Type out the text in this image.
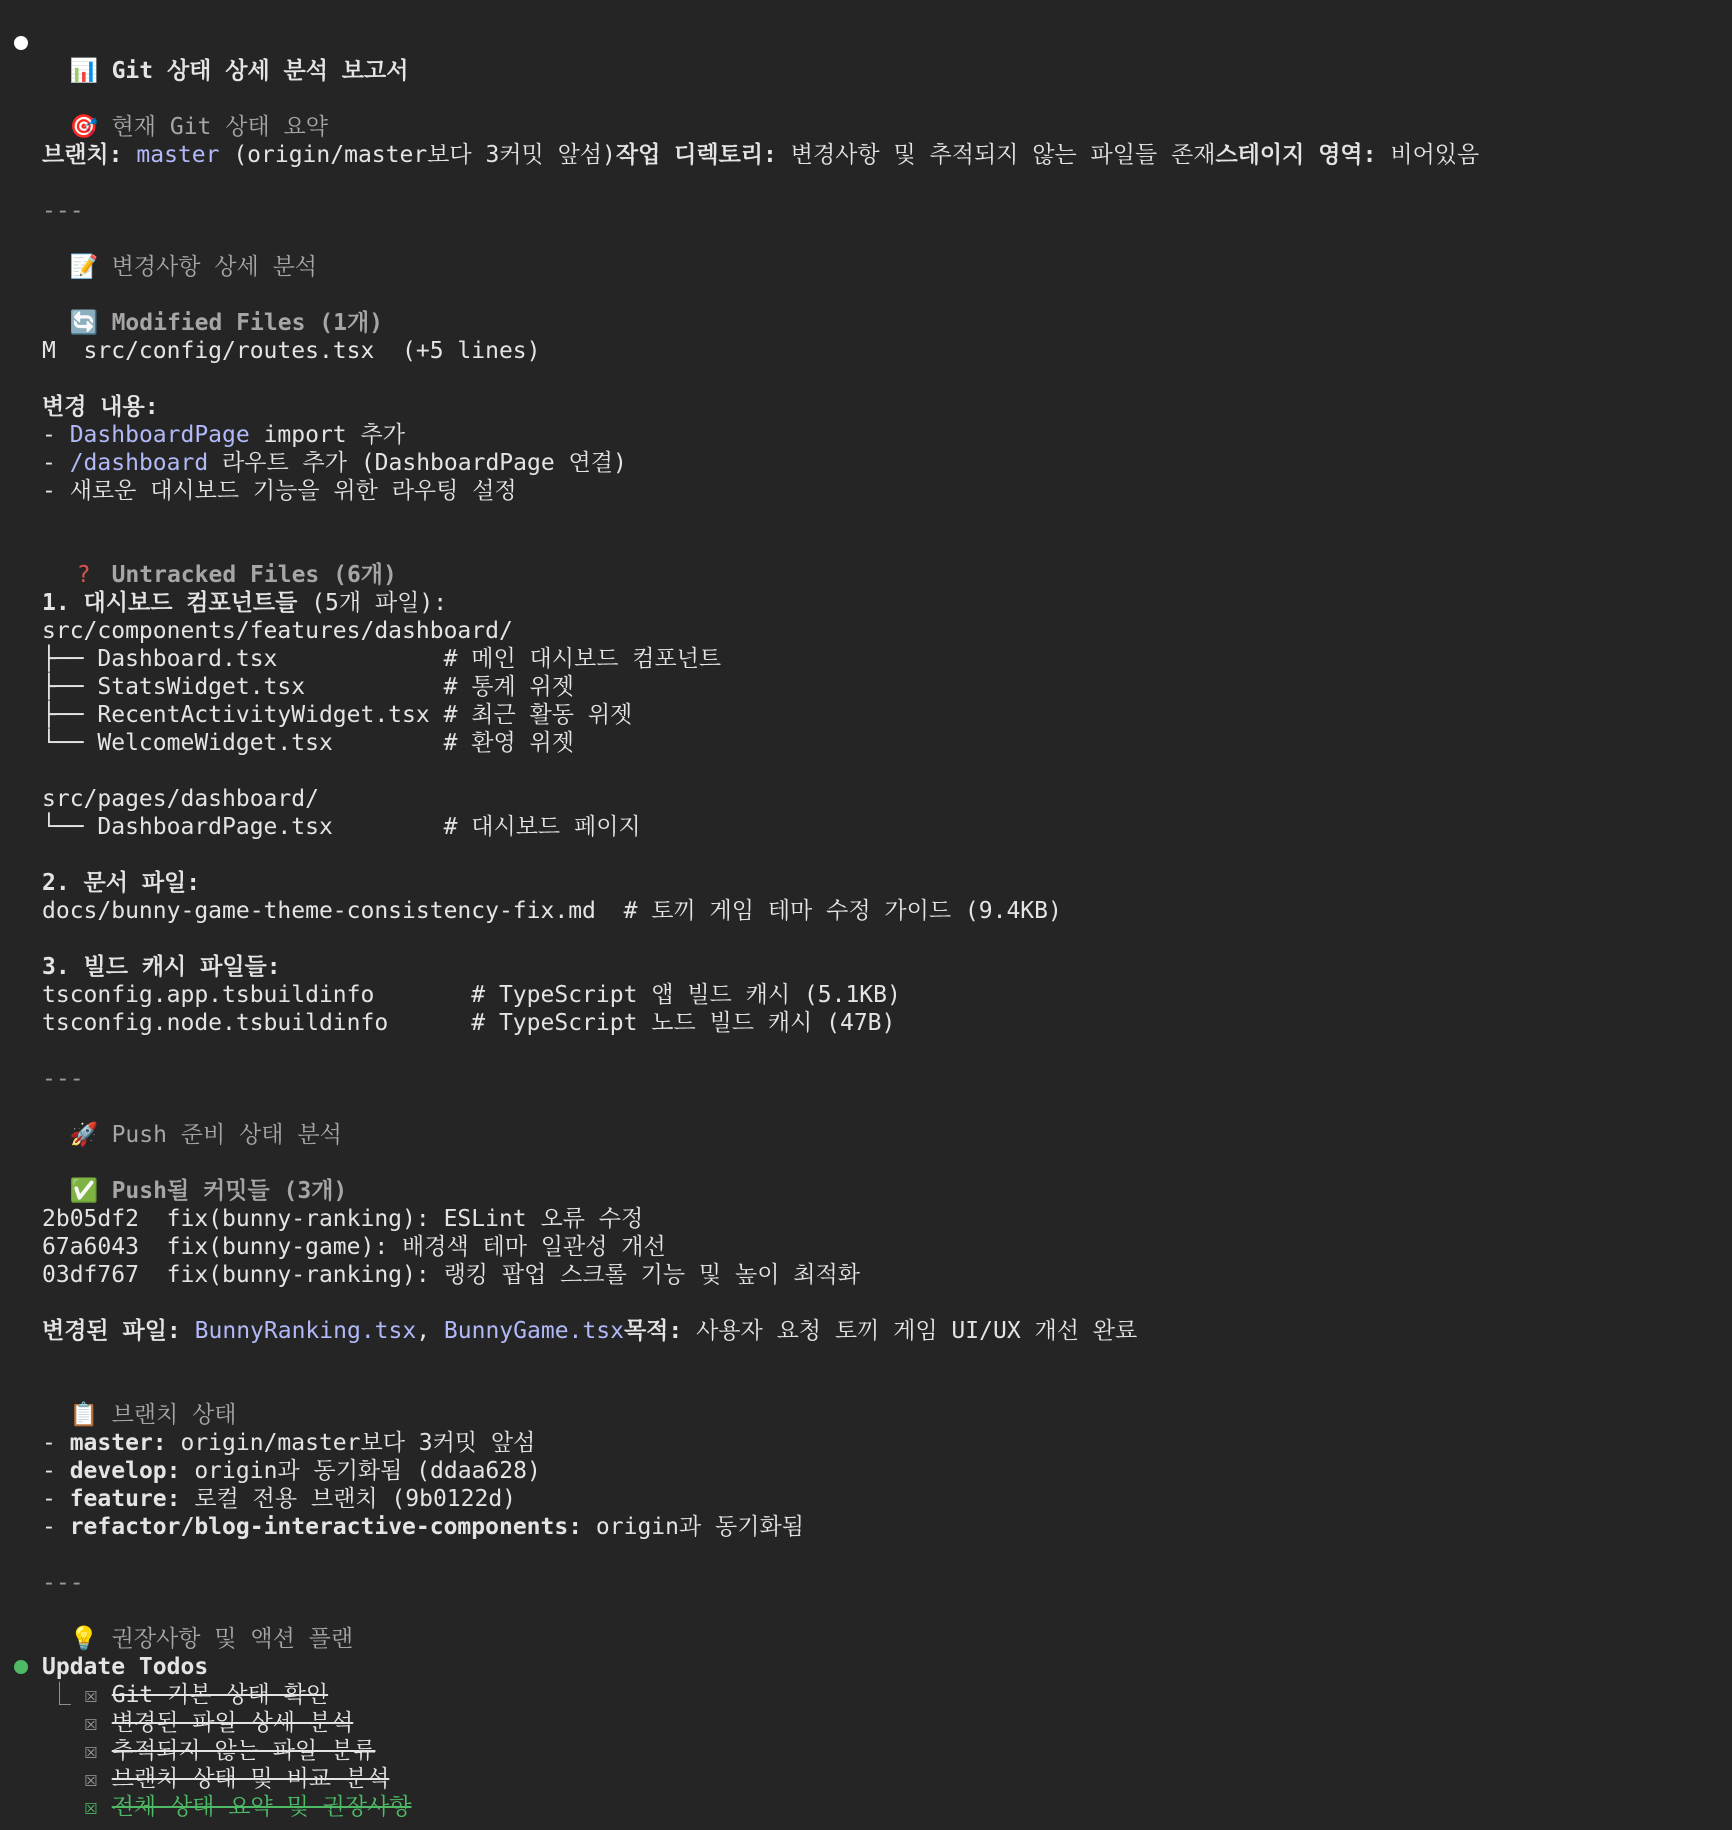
📊 Git 상태 상세 분석 보고서

🎯 현재 Git 상태 요약

브랜치: master (origin/master보다 3커밋 앞섬)작업 디렉토리: 변경사항 및 추적되지 않는 파일들 존재스테이지 영역: 비어있음
---

📝 변경사항 상세 분석

🔄 Modified Files (1개)

M  src/config/routes.tsx  (+5 lines)
변경 내용:
- DashboardPage import 추가
- /dashboard 라우트 추가 (DashboardPage 연결)
- 새로운 대시보드 기능을 위한 라우팅 설정

? Untracked Files (6개)

1. 대시보드 컴포넌트들 (5개 파일):
src/components/features/dashboard/
├── Dashboard.tsx            # 메인 대시보드 컴포넌트
├── StatsWidget.tsx          # 통계 위젯
├── RecentActivityWidget.tsx # 최근 활동 위젯
└── WelcomeWidget.tsx        # 환영 위젯
src/pages/dashboard/
└── DashboardPage.tsx        # 대시보드 페이지
2. 문서 파일:
docs/bunny-game-theme-consistency-fix.md  # 토끼 게임 테마 수정 가이드 (9.4KB)
3. 빌드 캐시 파일들:
tsconfig.app.tsbuildinfo       # TypeScript 앱 빌드 캐시 (5.1KB)
tsconfig.node.tsbuildinfo      # TypeScript 노드 빌드 캐시 (47B)
---

🚀 Push 준비 상태 분석

✅ Push될 커밋들 (3개)

2b05df2  fix(bunny-ranking): ESLint 오류 수정
67a6043  fix(bunny-game): 배경색 테마 일관성 개선
03df767  fix(bunny-ranking): 랭킹 팝업 스크롤 기능 및 높이 최적화
변경된 파일: BunnyRanking.tsx, BunnyGame.tsx목적: 사용자 요청 토끼 게임 UI/UX 개선 완료

📋 브랜치 상태

- master: origin/master보다 3커밋 앞섬
- develop: origin과 동기화됨 (ddaa628)
- feature: 로컬 전용 브랜치 (9b0122d)
- refactor/blog-interactive-components: origin과 동기화됨
---

💡 권장사항 및 액션 플랜

Update Todos
⎿ ☒ Git 기본 상태 확인
☒ 변경된 파일 상세 분석
☒ 추적되지 않는 파일 분류
☒ 브랜치 상태 및 비교 분석
☒ 전체 상태 요약 및 권장사항
